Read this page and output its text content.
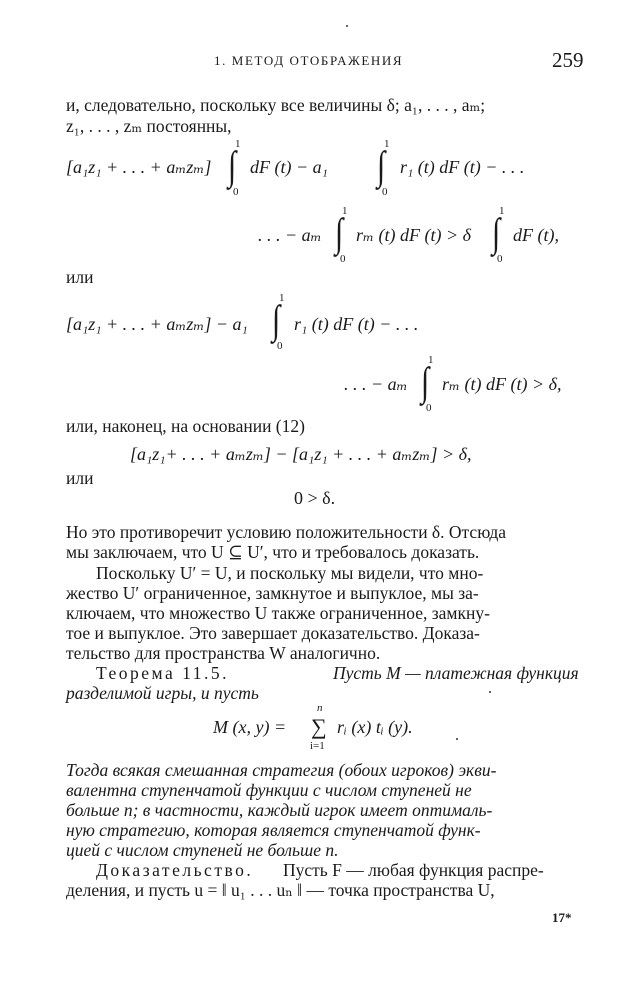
1. МЕТОД ОТОБРАЖЕНИЯ	259
и, следовательно, поскольку все величины δ; a₁, . . . , aₘ;
z₁, . . . , zₘ постоянны,
[a₁z₁ + . . . + aₘzₘ]
1
∫
0
dF (t) − a₁
1
∫
0
r₁ (t) dF (t) − . . .
. . . − aₘ
1
∫
0
rₘ (t) dF (t) > δ
1
∫
0
dF (t),
или
[a₁z₁ + . . . + aₘzₘ] − a₁
1
∫
0
r₁ (t) dF (t) − . . .
. . . − aₘ
1
∫
0
rₘ (t) dF (t) > δ,
или, наконец, на основании (12)
[a₁z₁+ . . . + aₘzₘ] − [a₁z₁ + . . . + aₘzₘ] > δ,
или
0 > δ.
Но это противоречит условию положительности δ. Отсюда
мы заключаем, что U ⊆ U′, что и требовалось доказать.
Поскольку U′ = U, и поскольку мы видели, что мно-
жество U′ ограниченное, замкнутое и выпуклое, мы за-
ключаем, что множество U также ограниченное, замкну-
тое и выпуклое. Это завершает доказательство. Доказа-
тельство для пространства W аналогично.
Теорема 11.5.	Пусть M — платежная функция
разделимой игры, и пусть
M (x, y) =
n
∑
i=1
rᵢ (x) tᵢ (y).
Тогда всякая смешанная стратегия (обоих игроков) экви-
валентна ступенчатой функции с числом ступеней не
больше n; в частности, каждый игрок имеет оптималь-
ную стратегию, которая является ступенчатой функ-
цией с числом ступеней не больше n.
Доказательство. Пусть F — любая функция распре-
деления, и пусть u = ‖ u₁ . . . uₙ ‖ — точка пространства U,
17*
